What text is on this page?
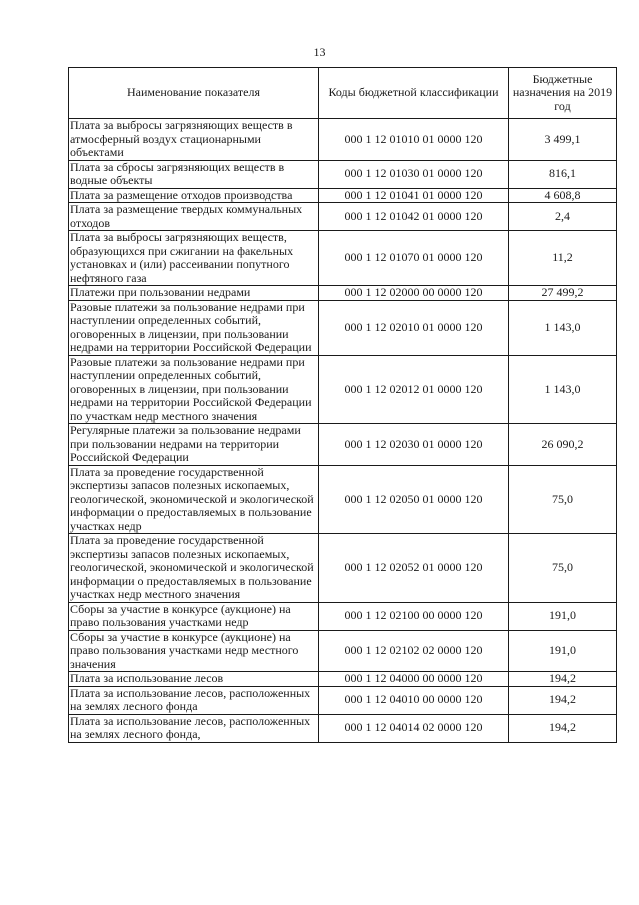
13
Наименование показателя	Коды бюджетной классификации	Бюджетные назначения на 2019 год
Плата за выбросы загрязняющих веществ в атмосферный воздух стационарными объектами	000 1 12 01010 01 0000 120	3 499,1
Плата за сбросы загрязняющих веществ в водные объекты	000 1 12 01030 01 0000 120	816,1
Плата за размещение отходов производства	000 1 12 01041 01 0000 120	4 608,8
Плата за размещение твердых коммунальных отходов	000 1 12 01042 01 0000 120	2,4
Плата за выбросы загрязняющих веществ, образующихся при сжигании на факельных установках и (или) рассеивании попутного нефтяного газа	000 1 12 01070 01 0000 120	11,2
Платежи при пользовании недрами	000 1 12 02000 00 0000 120	27 499,2
Разовые платежи за пользование недрами при наступлении определенных событий, оговоренных в лицензии, при пользовании недрами на территории Российской Федерации	000 1 12 02010 01 0000 120	1 143,0
Разовые платежи за пользование недрами при наступлении определенных событий, оговоренных в лицензии, при пользовании недрами на территории Российской Федерации по участкам недр местного значения	000 1 12 02012 01 0000 120	1 143,0
Регулярные платежи за пользование недрами при пользовании недрами на территории Российской Федерации	000 1 12 02030 01 0000 120	26 090,2
Плата за проведение государственной экспертизы запасов полезных ископаемых, геологической, экономической и экологической информации о предоставляемых в пользование участках недр	000 1 12 02050 01 0000 120	75,0
Плата за проведение государственной экспертизы запасов полезных ископаемых, геологической, экономической и экологической информации о предоставляемых в пользование участках недр местного значения	000 1 12 02052 01 0000 120	75,0
Сборы за участие в конкурсе (аукционе) на право пользования участками недр	000 1 12 02100 00 0000 120	191,0
Сборы за участие в конкурсе (аукционе) на право пользования участками недр местного значения	000 1 12 02102 02 0000 120	191,0
Плата за использование лесов	000 1 12 04000 00 0000 120	194,2
Плата за использование лесов, расположенных на землях лесного фонда	000 1 12 04010 00 0000 120	194,2
Плата за использование лесов, расположенных на землях лесного фонда,	000 1 12 04014 02 0000 120	194,2
